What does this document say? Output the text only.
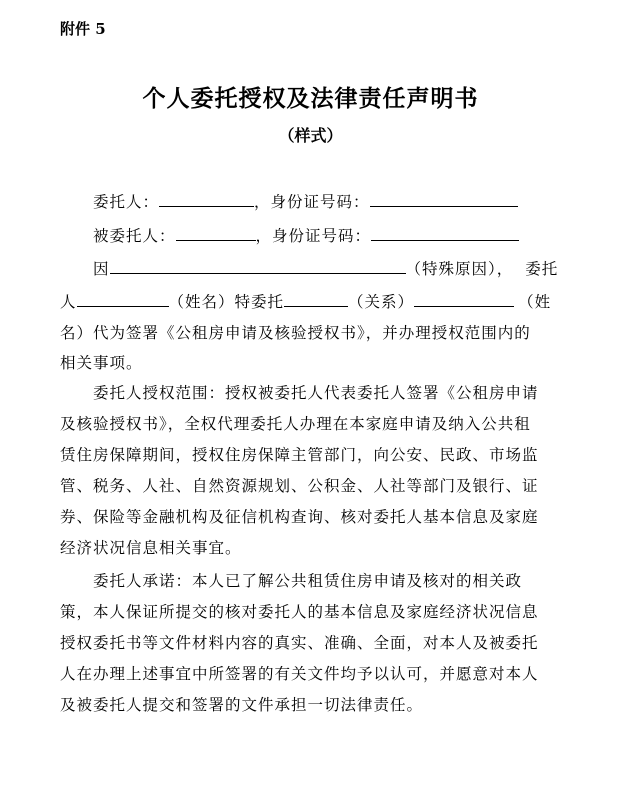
附件 5
个人委托授权及法律责任声明书
（样式）
委托人：	，身份证号码：
被委托人：	，身份证号码：
因	（特殊原因）， 委托
人	（姓名）特委托	（关系）	（姓
名）代为签署《公租房申请及核验授权书》，并办理授权范围内的
相关事项。
委托人授权范围：授权被委托人代表委托人签署《公租房申请
及核验授权书》，全权代理委托人办理在本家庭申请及纳入公共租
赁住房保障期间，授权住房保障主管部门，向公安、民政、市场监
管、税务、人社、自然资源规划、公积金、人社等部门及银行、证
券、保险等金融机构及征信机构查询、核对委托人基本信息及家庭
经济状况信息相关事宜。
委托人承诺：本人已了解公共租赁住房申请及核对的相关政
策，本人保证所提交的核对委托人的基本信息及家庭经济状况信息
授权委托书等文件材料内容的真实、准确、全面，对本人及被委托
人在办理上述事宜中所签署的有关文件均予以认可，并愿意对本人
及被委托人提交和签署的文件承担一切法律责任。
